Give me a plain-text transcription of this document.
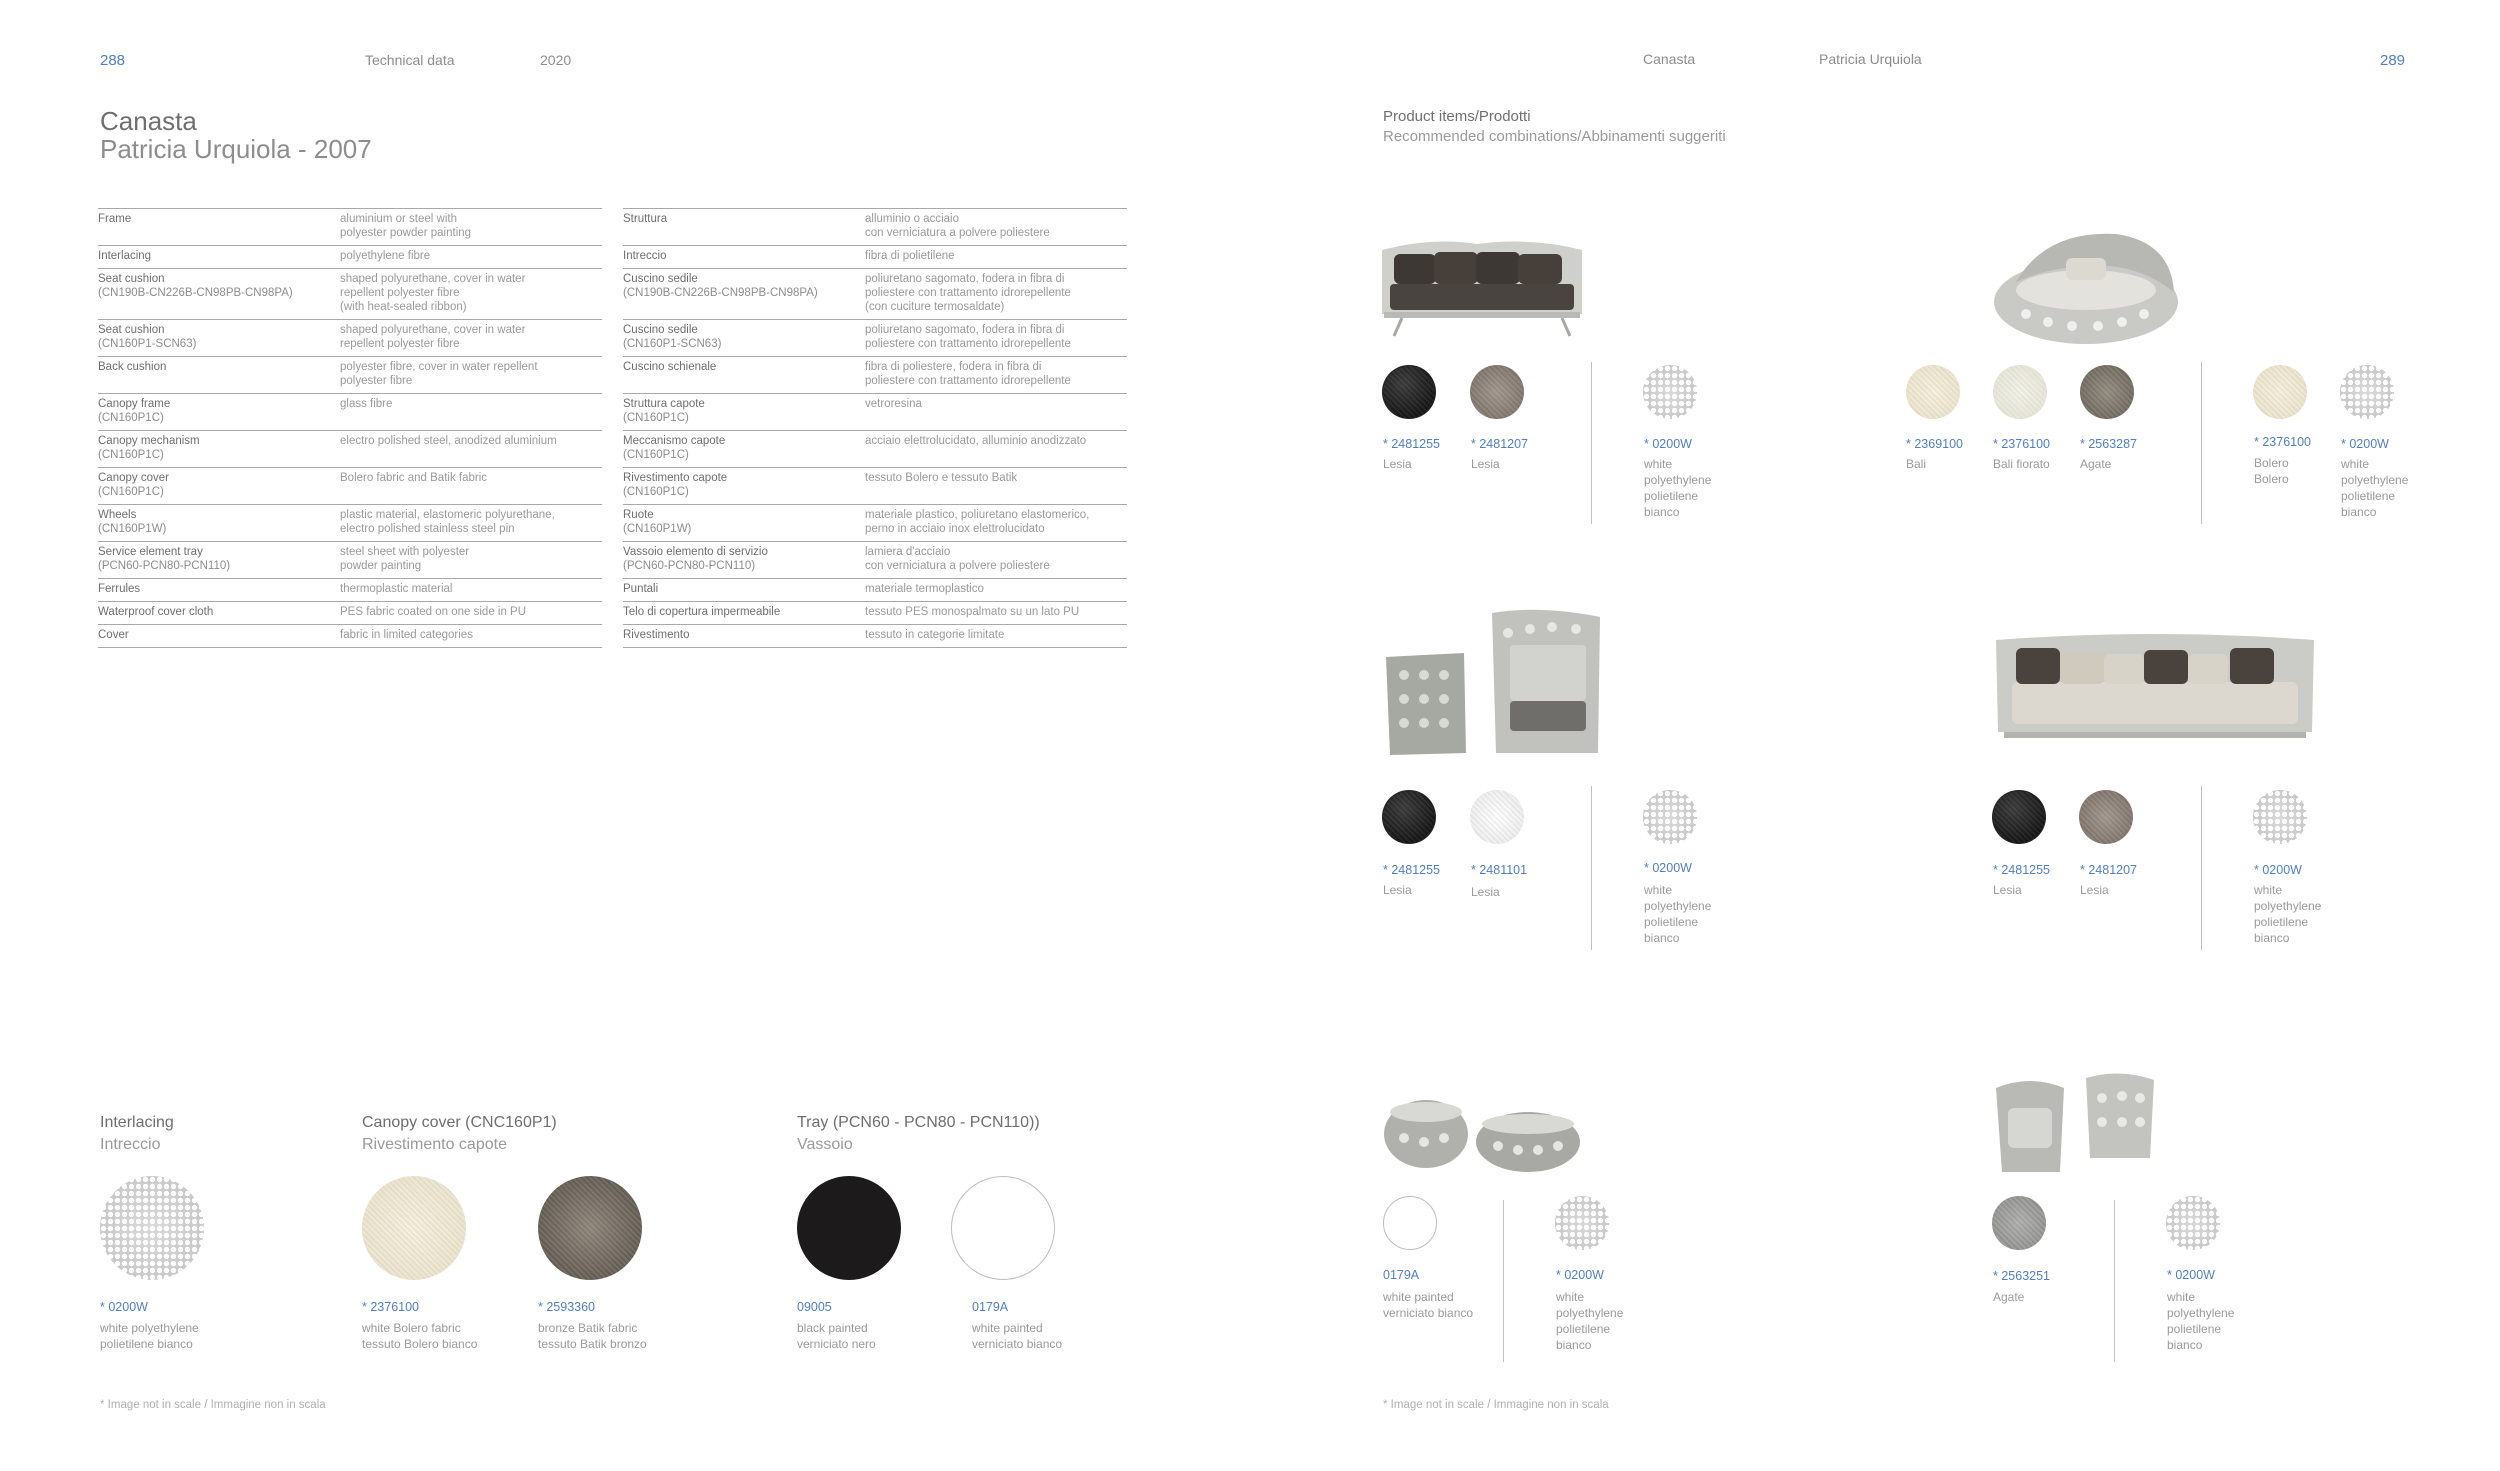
288	Technical data	2020
Canasta
Patricia Urquiola - 2007
Frame	aluminium or steel with
polyester powder painting
Interlacing	polyethylene fibre
Seat cushion
(CN190B-CN226B-CN98PB-CN98PA)	shaped polyurethane, cover in water
repellent polyester fibre
(with heat-sealed ribbon)
Seat cushion
(CN160P1-SCN63)	shaped polyurethane, cover in water
repellent polyester fibre
Back cushion	polyester fibre, cover in water repellent
polyester fibre
Canopy frame
(CN160P1C)	glass fibre
Canopy mechanism
(CN160P1C)	electro polished steel, anodized aluminium
Canopy cover
(CN160P1C)	Bolero fabric and Batik fabric
Wheels
(CN160P1W)	plastic material, elastomeric polyurethane,
electro polished stainless steel pin
Service element tray
(PCN60-PCN80-PCN110)	steel sheet with polyester
powder painting
Ferrules	thermoplastic material
Waterproof cover cloth	PES fabric coated on one side in PU
Cover	fabric in limited categories
Struttura	alluminio o acciaio
con verniciatura a polvere poliestere
Intreccio	fibra di polietilene
Cuscino sedile
(CN190B-CN226B-CN98PB-CN98PA)	poliuretano sagomato, fodera in fibra di
poliestere con trattamento idrorepellente
(con cuciture termosaldate)
Cuscino sedile
(CN160P1-SCN63)	poliuretano sagomato, fodera in fibra di
poliestere con trattamento idrorepellente
Cuscino schienale	fibra di poliestere, fodera in fibra di
poliestere con trattamento idrorepellente
Struttura capote
(CN160P1C)	vetroresina
Meccanismo capote
(CN160P1C)	acciaio elettrolucidato, alluminio anodizzato
Rivestimento capote
(CN160P1C)	tessuto Bolero e tessuto Batik
Ruote
(CN160P1W)	materiale plastico, poliuretano elastomerico,
perno in acciaio inox elettrolucidato
Vassoio elemento di servizio
(PCN60-PCN80-PCN110)	lamiera d'acciaio
con verniciatura a polvere poliestere
Puntali	materiale termoplastico
Telo di copertura impermeabile	tessuto PES monospalmato su un lato PU
Rivestimento	tessuto in categorie limitate
Interlacing
Intreccio
* 0200W
white polyethylene
polietilene bianco
Canopy cover (CNC160P1)
Rivestimento capote
* 2376100
white Bolero fabric
tessuto Bolero bianco
* 2593360
bronze Batik fabric
tessuto Batik bronzo
Tray (PCN60 - PCN80 - PCN110))
Vassoio
09005
black painted
verniciato nero
0179A
white painted
verniciato bianco
* Image not in scale / Immagine non in scala
Canasta	Patricia Urquiola	289
Product items/Prodotti
Recommended combinations/Abbinamenti suggeriti
* 2481255
Lesia
* 2481207
Lesia
* 0200W
white
polyethylene
polietilene
bianco
* 2369100
Bali
* 2376100
Bali fiorato
* 2563287
Agate
* 2376100
Bolero
Bolero
* 0200W
white
polyethylene
polietilene
bianco
* 2481255
Lesia
* 2481101
Lesia
* 0200W
white
polyethylene
polietilene
bianco
* 2481255
Lesia
* 2481207
Lesia
* 0200W
white
polyethylene
polietilene
bianco
0179A
white painted
verniciato bianco
* 0200W
white
polyethylene
polietilene
bianco
* 2563251
Agate
* 0200W
white
polyethylene
polietilene
bianco
* Image not in scale / Immagine non in scala
